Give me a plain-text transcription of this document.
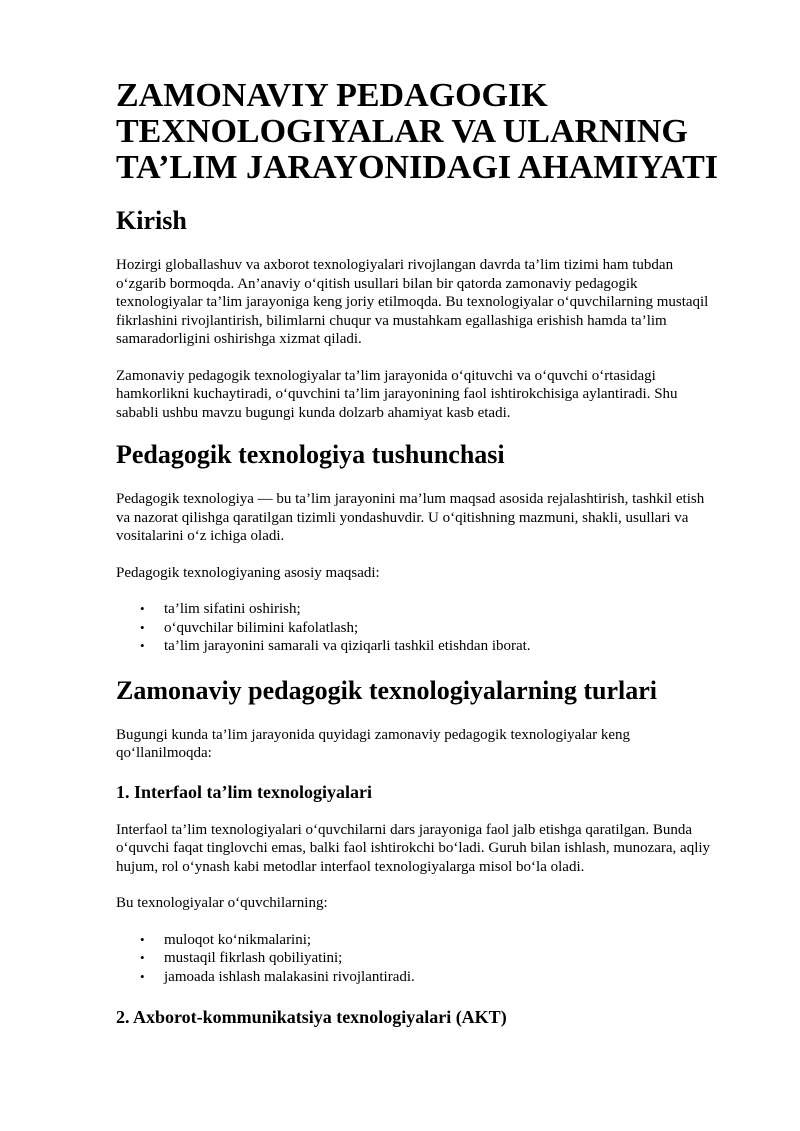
ZAMONAVIY PEDAGOGIK TEXNOLOGIYALAR VA ULARNING TA’LIM JARAYONIDAGI AHAMIYATI
Kirish

Hozirgi globallashuv va axborot texnologiyalari rivojlangan davrda ta’lim tizimi ham tubdan o‘zgarib bormoqda. An’anaviy o‘qitish usullari bilan bir qatorda zamonaviy pedagogik texnologiyalar ta’lim jarayoniga keng joriy etilmoqda. Bu texnologiyalar o‘quvchilarning mustaqil fikrlashini rivojlantirish, bilimlarni chuqur va mustahkam egallashiga erishish hamda ta’lim samaradorligini oshirishga xizmat qiladi.

Zamonaviy pedagogik texnologiyalar ta’lim jarayonida o‘qituvchi va o‘quvchi o‘rtasidagi hamkorlikni kuchaytiradi, o‘quvchini ta’lim jarayonining faol ishtirokchisiga aylantiradi. Shu sababli ushbu mavzu bugungi kunda dolzarb ahamiyat kasb etadi.

Pedagogik texnologiya tushunchasi

Pedagogik texnologiya — bu ta’lim jarayonini ma’lum maqsad asosida rejalashtirish, tashkil etish va nazorat qilishga qaratilgan tizimli yondashuvdir. U o‘qitishning mazmuni, shakli, usullari va vositalarini o‘z ichiga oladi.

Pedagogik texnologiyaning asosiy maqsadi:

• ta’lim sifatini oshirish;
• o‘quvchilar bilimini kafolatlash;
• ta’lim jarayonini samarali va qiziqarli tashkil etishdan iborat.
Zamonaviy pedagogik texnologiyalarning turlari

Bugungi kunda ta’lim jarayonida quyidagi zamonaviy pedagogik texnologiyalar keng qo‘llanilmoqda:

1. Interfaol ta’lim texnologiyalari

Interfaol ta’lim texnologiyalari o‘quvchilarni dars jarayoniga faol jalb etishga qaratilgan. Bunda o‘quvchi faqat tinglovchi emas, balki faol ishtirokchi bo‘ladi. Guruh bilan ishlash, munozara, aqliy hujum, rol o‘ynash kabi metodlar interfaol texnologiyalarga misol bo‘la oladi.

Bu texnologiyalar o‘quvchilarning:

• muloqot ko‘nikmalarini;
• mustaqil fikrlash qobiliyatini;
• jamoada ishlash malakasini rivojlantiradi.
2. Axborot-kommunikatsiya texnologiyalari (AKT)
